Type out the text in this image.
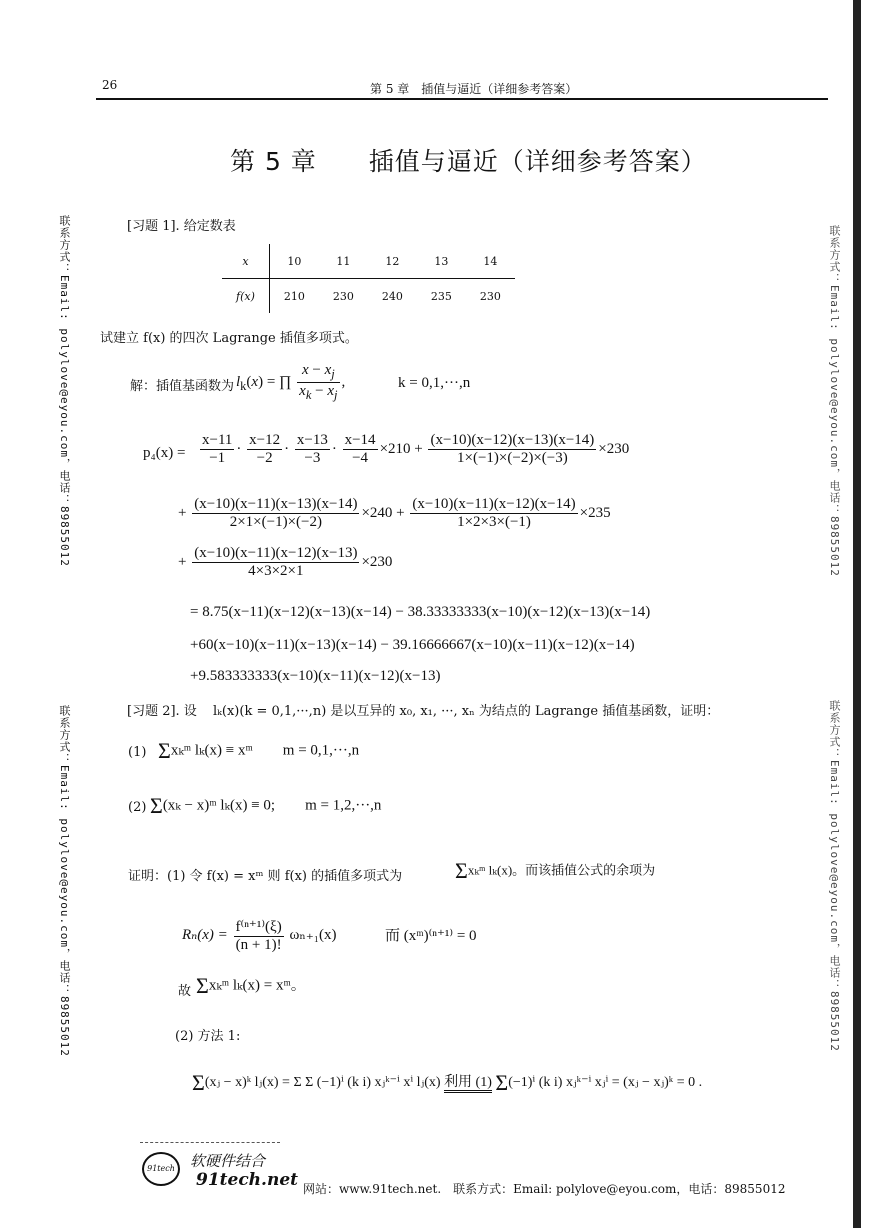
26	第 5 章　插值与逼近（详细参考答案）
联系方式：Email: polylove@eyou.com，电话：89855012
联系方式：Email: polylove@eyou.com，电话：89855012
联系方式：Email: polylove@eyou.com，电话：89855012
联系方式：Email: polylove@eyou.com，电话：89855012
第 5 章　　插值与逼近（详细参考答案）
[习题 1]. 给定数表
x	10	11	12	13	14
f(x)	210	230	240	235	230
试建立 f(x) 的四次 Lagrange 插值多项式。
解：插值基函数为 $l_k(x)$ = ∏ $\frac{x - x_j}{x_k - x_j}$ ,	k = 0,1,···,n
$p_4(x) = \frac{x-11}{-1} \cdot \frac{x-12}{-2} \cdot \frac{x-13}{-3} \cdot \frac{x-14}{-4} \times 210 + \frac{(x-10)(x-12)(x-13)(x-14)}{1\times(-1)\times(-2)\times(-3)} \times 230$
+ $\frac{(x-10)(x-11)(x-13)(x-14)}{2\times 1\times(-1)\times(-2)} \times 240 + \frac{(x-10)(x-11)(x-12)(x-14)}{1\times 2\times 3\times(-1)} \times 235$
+ $\frac{(x-10)(x-11)(x-12)(x-13)}{4\times 3\times 2\times 1} \times 230$
= 8.75(x−11)(x−12)(x−13)(x−14) − 38.33333333(x−10)(x−12)(x−13)(x−14)
+60(x−10)(x−11)(x−13)(x−14) − 39.16666667(x−10)(x−11)(x−12)(x−14)
+9.583333333(x−10)(x−11)(x−12)(x−13)
[习题 2]. 设 lₖ(x)(k = 0,1,···,n) 是以互异的 x₀, x₁, ···, xₙ 为结点的 Lagrange 插值基函数，证明：
(1) Σxₖᵐ lₖ(x) ≡ xᵐ　　m = 0,1,···,n
(2) Σ(xₖ − x)ᵐ lₖ(x) ≡ 0;　　m = 1,2,···,n
证明：(1) 令 f(x) = xᵐ 则 f(x) 的插值多项式为 Σxₖᵐ lₖ(x)。而该插值公式的余项为
$R_n(x) = \frac{\text{f⁽ⁿ⁺¹⁾(ξ)}}{(n + 1)!} \omega_{n+1}(x)$	而 (xᵐ)⁽ⁿ⁺¹⁾ = 0
故 Σxₖᵐ lₖ(x) = xᵐ。
(2) 方法 1:
Σ(xⱼ − x)ᵏ lⱼ(x) = Σ Σ (−1)ⁱ (k i) xⱼᵏ⁻ⁱ xⁱ lⱼ(x) 利用 (1) Σ(−1)ⁱ (k i) xⱼᵏ⁻ⁱ xⱼⁱ = (xⱼ − xⱼ)ᵏ = 0 .
91tech	软硬件结合
91tech.net 网站：www.91tech.net.　联系方式：Email: polylove@eyou.com，电话：89855012
